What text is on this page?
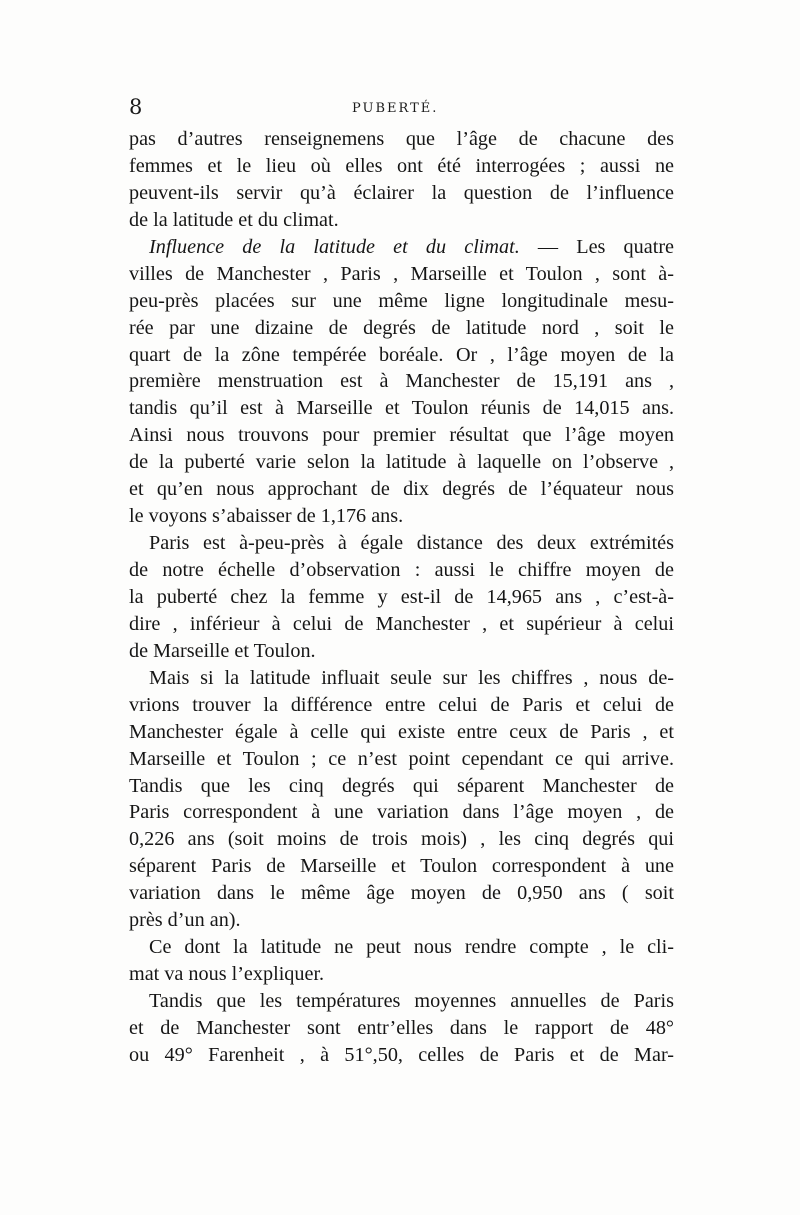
8	PUBERTÉ.
pas d’autres renseignemens que l’âge de chacune des
femmes et le lieu où elles ont été interrogées ; aussi ne
peuvent-ils servir qu’à éclairer la question de l’influence
de la latitude et du climat.
Influence de la latitude et du climat. — Les quatre
villes de Manchester , Paris , Marseille et Toulon , sont à-
peu-près placées sur une même ligne longitudinale mesu-
rée par une dizaine de degrés de latitude nord , soit le
quart de la zône tempérée boréale. Or , l’âge moyen de la
première menstruation est à Manchester de 15,191 ans ,
tandis qu’il est à Marseille et Toulon réunis de 14,015 ans.
Ainsi nous trouvons pour premier résultat que l’âge moyen
de la puberté varie selon la latitude à laquelle on l’observe ,
et qu’en nous approchant de dix degrés de l’équateur nous
le voyons s’abaisser de 1,176 ans.
Paris est à-peu-près à égale distance des deux extrémités
de notre échelle d’observation : aussi le chiffre moyen de
la puberté chez la femme y est-il de 14,965 ans , c’est-à-
dire , inférieur à celui de Manchester , et supérieur à celui
de Marseille et Toulon.
Mais si la latitude influait seule sur les chiffres , nous de-
vrions trouver la différence entre celui de Paris et celui de
Manchester égale à celle qui existe entre ceux de Paris , et
Marseille et Toulon ; ce n’est point cependant ce qui arrive.
Tandis que les cinq degrés qui séparent Manchester de
Paris correspondent à une variation dans l’âge moyen , de
0,226 ans (soit moins de trois mois) , les cinq degrés qui
séparent Paris de Marseille et Toulon correspondent à une
variation dans le même âge moyen de 0,950 ans ( soit
près d’un an).
Ce dont la latitude ne peut nous rendre compte , le cli-
mat va nous l’expliquer.
Tandis que les températures moyennes annuelles de Paris
et de Manchester sont entr’elles dans le rapport de 48°
ou 49° Farenheit , à 51°,50, celles de Paris et de Mar-
